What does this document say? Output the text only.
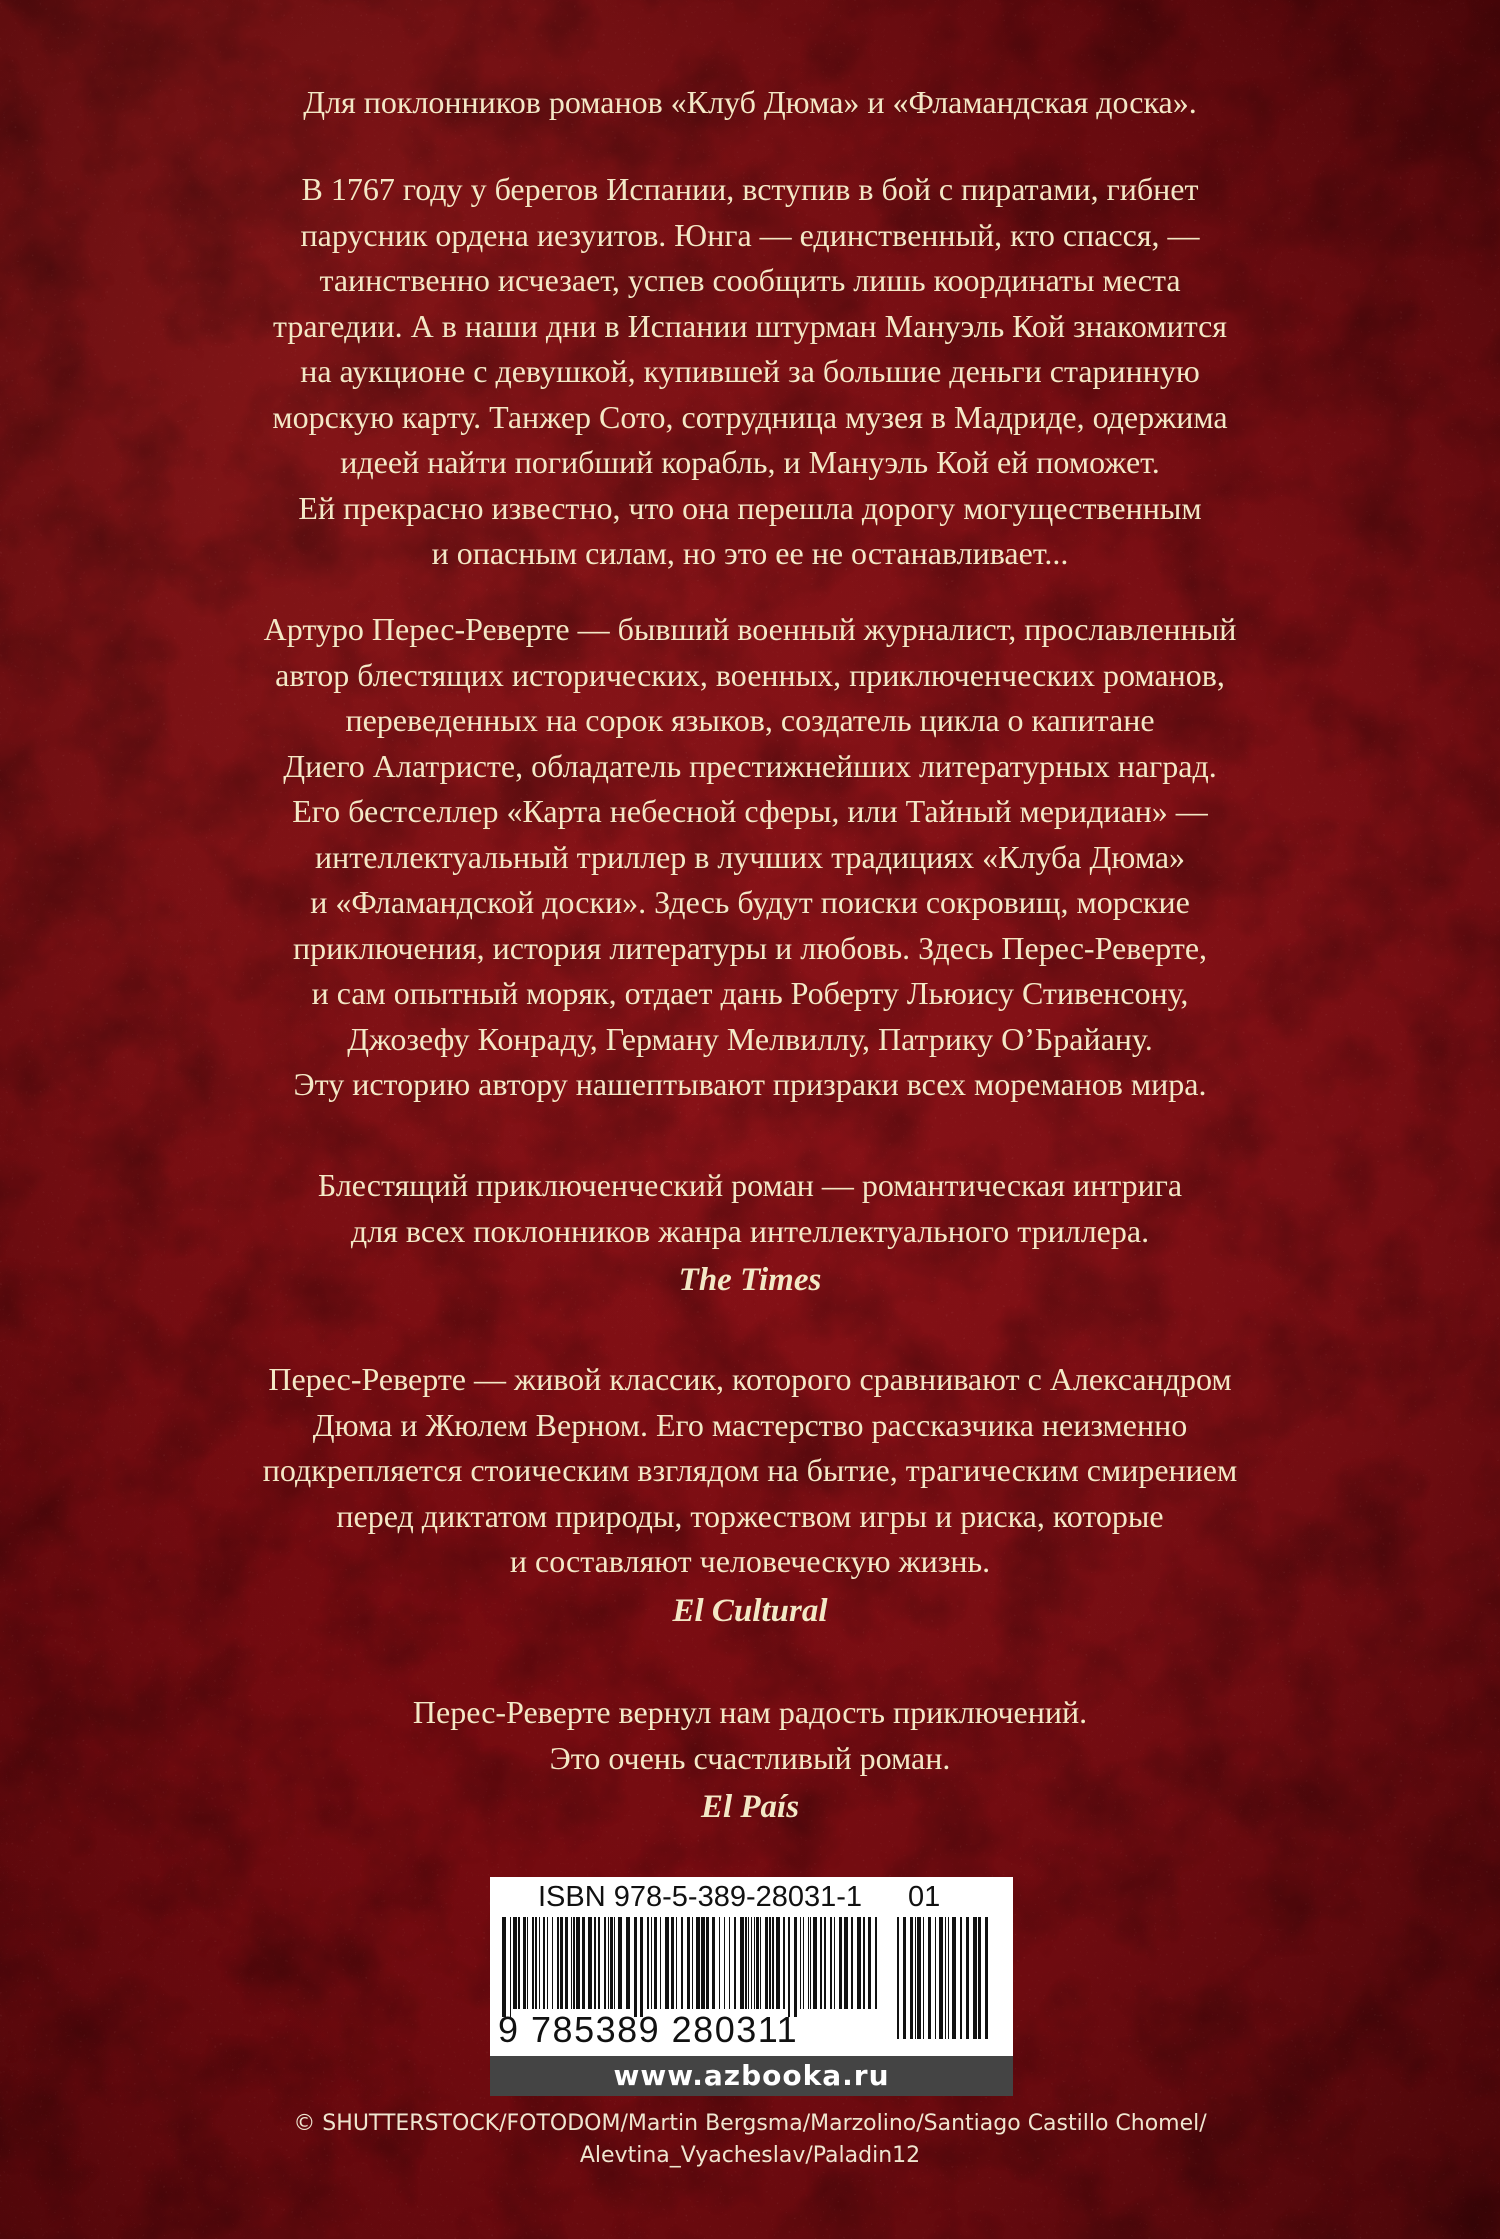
Для поклонников романов «Клуб Дюма» и «Фламандская доска».
В 1767 году у берегов Испании, вступив в бой с пиратами, гибнет
парусник ордена иезуитов. Юнга — единственный, кто спасся, —
таинственно исчезает, успев сообщить лишь координаты места
трагедии. А в наши дни в Испании штурман Мануэль Кой знакомится
на аукционе с девушкой, купившей за большие деньги старинную
морскую карту. Танжер Сото, сотрудница музея в Мадриде, одержима
идеей найти погибший корабль, и Мануэль Кой ей поможет.
Ей прекрасно известно, что она перешла дорогу могущественным
и опасным силам, но это ее не останавливает...
Артуро Перес-Реверте — бывший военный журналист, прославленный
автор блестящих исторических, военных, приключенческих романов,
переведенных на сорок языков, создатель цикла о капитане
Диего Алатристе, обладатель престижнейших литературных наград.
Его бестселлер «Карта небесной сферы, или Тайный меридиан» —
интеллектуальный триллер в лучших традициях «Клуба Дюма»
и «Фламандской доски». Здесь будут поиски сокровищ, морские
приключения, история литературы и любовь. Здесь Перес-Реверте,
и сам опытный моряк, отдает дань Роберту Льюису Стивенсону,
Джозефу Конраду, Герману Мелвиллу, Патрику О’Брайану.
Эту историю автору нашептывают призраки всех мореманов мира.
Блестящий приключенческий роман — романтическая интрига
для всех поклонников жанра интеллектуального триллера.
The Times
Перес-Реверте — живой классик, которого сравнивают с Александром
Дюма и Жюлем Верном. Его мастерство рассказчика неизменно
подкрепляется стоическим взглядом на бытие, трагическим смирением
перед диктатом природы, торжеством игры и риска, которые
и составляют человеческую жизнь.
El Cultural
Перес-Реверте вернул нам радость приключений.
Это очень счастливый роман.
El País
ISBN 978-5-389-28031-1 01
9 785389 280311
www.azbooka.ru
© SHUTTERSTOCK/FOTODOM/Martin Bergsma/Marzolino/Santiago Castillo Chomel/
Alevtina_Vyacheslav/Paladin12
